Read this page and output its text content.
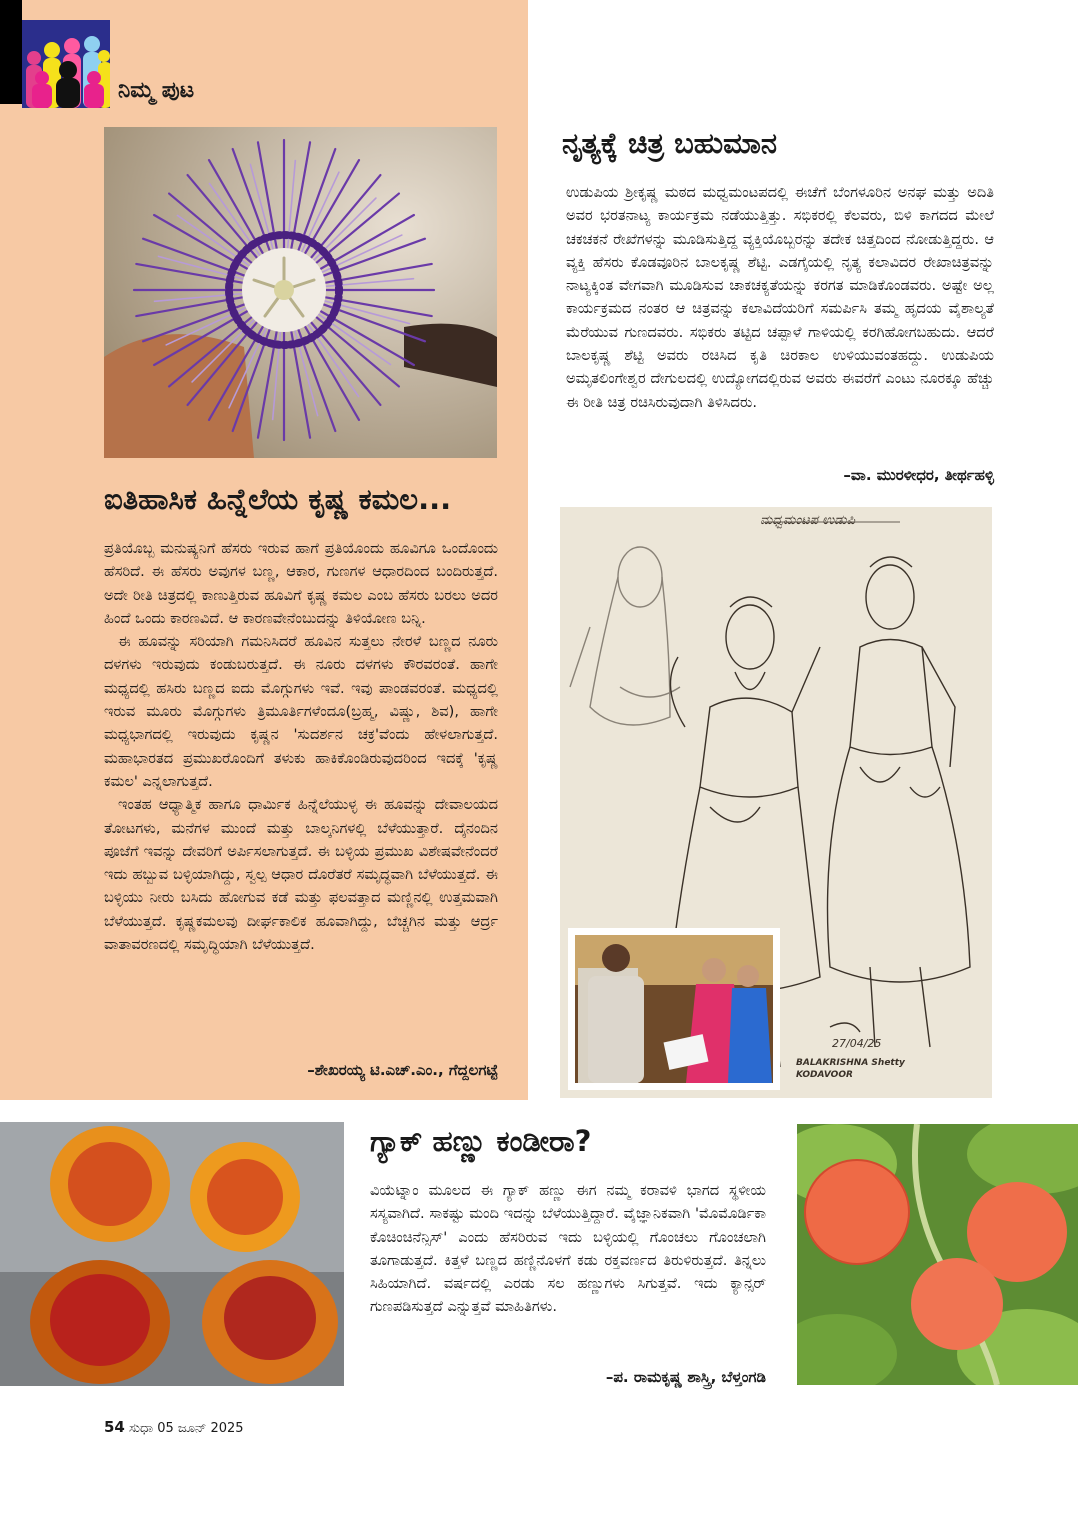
ನಿಮ್ಮ ಪುಟ
ನೃತ್ಯಕ್ಕೆ ಚಿತ್ರ ಬಹುಮಾನ

ಉಡುಪಿಯ ಶ್ರೀಕೃಷ್ಣ ಮಠದ ಮಧ್ವಮಂಟಪದಲ್ಲಿ ಈಚೆಗೆ ಬೆಂಗಳೂರಿನ ಅನಘ ಮತ್ತು ಅದಿತಿ ಅವರ ಭರತನಾಟ್ಯ ಕಾರ್ಯಕ್ರಮ ನಡೆಯುತ್ತಿತ್ತು. ಸಭಿಕರಲ್ಲಿ ಕೆಲವರು, ಬಿಳಿ ಕಾಗದದ ಮೇಲೆ ಚಕಚಕನೆ ರೇಖೆಗಳನ್ನು ಮೂಡಿಸುತ್ತಿದ್ದ ವ್ಯಕ್ತಿಯೊಬ್ಬರನ್ನು ತದೇಕ ಚಿತ್ತದಿಂದ ನೋಡುತ್ತಿದ್ದರು. ಆ ವ್ಯಕ್ತಿ ಹೆಸರು ಕೊಡವೂರಿನ ಬಾಲಕೃಷ್ಣ ಶೆಟ್ಟಿ. ಎಡಗೈಯಲ್ಲಿ ನೃತ್ಯ ಕಲಾವಿದರ ರೇಖಾಚಿತ್ರವನ್ನು ನಾಟ್ಯಕ್ಕಿಂತ ವೇಗವಾಗಿ ಮೂಡಿಸುವ ಚಾಕಚಕ್ಯತೆಯನ್ನು ಕರಗತ ಮಾಡಿಕೊಂಡವರು. ಅಷ್ಟೇ ಅಲ್ಲ ಕಾರ್ಯಕ್ರಮದ ನಂತರ ಆ ಚಿತ್ರವನ್ನು ಕಲಾವಿದೆಯರಿಗೆ ಸಮರ್ಪಿಸಿ ತಮ್ಮ ಹೃದಯ ವೈಶಾಲ್ಯತೆ ಮೆರೆಯುವ ಗುಣದವರು. ಸಭಿಕರು ತಟ್ಟಿದ ಚಪ್ಪಾಳೆ ಗಾಳಿಯಲ್ಲಿ ಕರಗಿಹೋಗಬಹುದು. ಆದರೆ ಬಾಲಕೃಷ್ಣ ಶೆಟ್ಟಿ ಅವರು ರಚಿಸಿದ ಕೃತಿ ಚಿರಕಾಲ ಉಳಿಯುವಂತಹದ್ದು. ಉಡುಪಿಯ ಅಮೃತಲಿಂಗೇಶ್ವರ ದೇಗುಲದಲ್ಲಿ ಉದ್ಯೋಗದಲ್ಲಿರುವ ಅವರು ಈವರೆಗೆ ಎಂಟು ನೂರಕ್ಕೂ ಹೆಚ್ಚು ಈ ರೀತಿ ಚಿತ್ರ ರಚಿಸಿರುವುದಾಗಿ ತಿಳಿಸಿದರು.

–ವಾ. ಮುರಳೀಧರ, ತೀರ್ಥಹಳ್ಳಿ
ಮಧ್ವಮಂಟಪ ಉಡುಪಿ
27/04/25
BALAKRISHNA Shetty KODAVOOR
ಐತಿಹಾಸಿಕ ಹಿನ್ನೆಲೆಯ ಕೃಷ್ಣ ಕಮಲ...

ಪ್ರತಿಯೊಬ್ಬ ಮನುಷ್ಯನಿಗೆ ಹೆಸರು ಇರುವ ಹಾಗೆ ಪ್ರತಿಯೊಂದು ಹೂವಿಗೂ ಒಂದೊಂದು ಹೆಸರಿದೆ. ಈ ಹೆಸರು ಅವುಗಳ ಬಣ್ಣ, ಆಕಾರ, ಗುಣಗಳ ಆಧಾರದಿಂದ ಬಂದಿರುತ್ತದೆ. ಅದೇ ರೀತಿ ಚಿತ್ರದಲ್ಲಿ ಕಾಣುತ್ತಿರುವ ಹೂವಿಗೆ ಕೃಷ್ಣ ಕಮಲ ಎಂಬ ಹೆಸರು ಬರಲು ಅದರ ಹಿಂದೆ ಒಂದು ಕಾರಣವಿದೆ. ಆ ಕಾರಣವೇನೆಂಬುದನ್ನು ತಿಳಿಯೋಣ ಬನ್ನಿ.

ಈ ಹೂವನ್ನು ಸರಿಯಾಗಿ ಗಮನಿಸಿದರೆ ಹೂವಿನ ಸುತ್ತಲು ನೇರಳೆ ಬಣ್ಣದ ನೂರು ದಳಗಳು ಇರುವುದು ಕಂಡುಬರುತ್ತದೆ. ಈ ನೂರು ದಳಗಳು ಕೌರವರಂತೆ. ಹಾಗೇ ಮಧ್ಯದಲ್ಲಿ ಹಸಿರು ಬಣ್ಣದ ಐದು ಮೊಗ್ಗುಗಳು ಇವೆ. ಇವು ಪಾಂಡವರಂತೆ. ಮಧ್ಯದಲ್ಲಿ ಇರುವ ಮೂರು ಮೊಗ್ಗುಗಳು ತ್ರಿಮೂರ್ತಿಗಳೆಂದೂ(ಬ್ರಹ್ಮ, ವಿಷ್ಣು, ಶಿವ), ಹಾಗೇ ಮಧ್ಯಭಾಗದಲ್ಲಿ ಇರುವುದು ಕೃಷ್ಣನ 'ಸುದರ್ಶನ ಚಕ್ರ'ವೆಂದು ಹೇಳಲಾಗುತ್ತದೆ. ಮಹಾಭಾರತದ ಪ್ರಮುಖರೊಂದಿಗೆ ತಳುಕು ಹಾಕಿಕೊಂಡಿರುವುದರಿಂದ ಇದಕ್ಕೆ 'ಕೃಷ್ಣ ಕಮಲ' ಎನ್ನಲಾಗುತ್ತದೆ.

ಇಂತಹ ಆಧ್ಯಾತ್ಮಿಕ ಹಾಗೂ ಧಾರ್ಮಿಕ ಹಿನ್ನೆಲೆಯುಳ್ಳ ಈ ಹೂವನ್ನು ದೇವಾಲಯದ ತೋಟಗಳು, ಮನೆಗಳ ಮುಂದೆ ಮತ್ತು ಬಾಲ್ಕನಿಗಳಲ್ಲಿ ಬೆಳೆಯುತ್ತಾರೆ. ದೈನಂದಿನ ಪೂಜೆಗೆ ಇವನ್ನು ದೇವರಿಗೆ ಅರ್ಪಿಸಲಾಗುತ್ತದೆ. ಈ ಬಳ್ಳಿಯ ಪ್ರಮುಖ ವಿಶೇಷವೇನೆಂದರೆ ಇದು ಹಬ್ಬುವ ಬಳ್ಳಿಯಾಗಿದ್ದು, ಸ್ವಲ್ಪ ಆಧಾರ ದೊರೆತರೆ ಸಮೃದ್ಧವಾಗಿ ಬೆಳೆಯುತ್ತದೆ. ಈ ಬಳ್ಳಿಯು ನೀರು ಬಸಿದು ಹೋಗುವ ಕಡೆ ಮತ್ತು ಫಲವತ್ತಾದ ಮಣ್ಣಿನಲ್ಲಿ ಉತ್ತಮವಾಗಿ ಬೆಳೆಯುತ್ತದೆ. ಕೃಷ್ಣಕಮಲವು ದೀರ್ಘಕಾಲಿಕ ಹೂವಾಗಿದ್ದು, ಬೆಚ್ಚಗಿನ ಮತ್ತು ಆರ್ದ್ರ ವಾತಾವರಣದಲ್ಲಿ ಸಮೃದ್ಧಿಯಾಗಿ ಬೆಳೆಯುತ್ತದೆ.

–ಶೇಖರಯ್ಯ ಟಿ.ಎಚ್.ಎಂ., ಗೆದ್ದಲಗಟ್ಟೆ
ಗ್ಯಾಕ್ ಹಣ್ಣು ಕಂಡೀರಾ?

ವಿಯೆಟ್ನಾಂ ಮೂಲದ ಈ ಗ್ಯಾಕ್ ಹಣ್ಣು ಈಗ ನಮ್ಮ ಕರಾವಳಿ ಭಾಗದ ಸ್ಥಳೀಯ ಸಸ್ಯವಾಗಿದೆ. ಸಾಕಷ್ಟು ಮಂದಿ ಇದನ್ನು ಬೆಳೆಯುತ್ತಿದ್ದಾರೆ. ವೈಜ್ಞಾನಿಕವಾಗಿ 'ಮೊಮೊರ್ಡಿಕಾ ಕೊಚಿಂಚಿನೆನ್ಸಿಸ್' ಎಂದು ಹೆಸರಿರುವ ಇದು ಬಳ್ಳಿಯಲ್ಲಿ ಗೊಂಚಲು ಗೊಂಚಲಾಗಿ ತೂಗಾಡುತ್ತದೆ. ಕಿತ್ತಳೆ ಬಣ್ಣದ ಹಣ್ಣಿನೊಳಗೆ ಕಡು ರಕ್ತವರ್ಣದ ತಿರುಳಿರುತ್ತದೆ. ತಿನ್ನಲು ಸಿಹಿಯಾಗಿದೆ. ವರ್ಷದಲ್ಲಿ ಎರಡು ಸಲ ಹಣ್ಣುಗಳು ಸಿಗುತ್ತವೆ. ಇದು ಕ್ಯಾನ್ಸರ್ ಗುಣಪಡಿಸುತ್ತದೆ ಎನ್ನುತ್ತವೆ ಮಾಹಿತಿಗಳು.

–ಪ. ರಾಮಕೃಷ್ಣ ಶಾಸ್ತ್ರಿ, ಬೆಳ್ತಂಗಡಿ
54 ಸುಧಾ 05 ಜೂನ್ 2025
